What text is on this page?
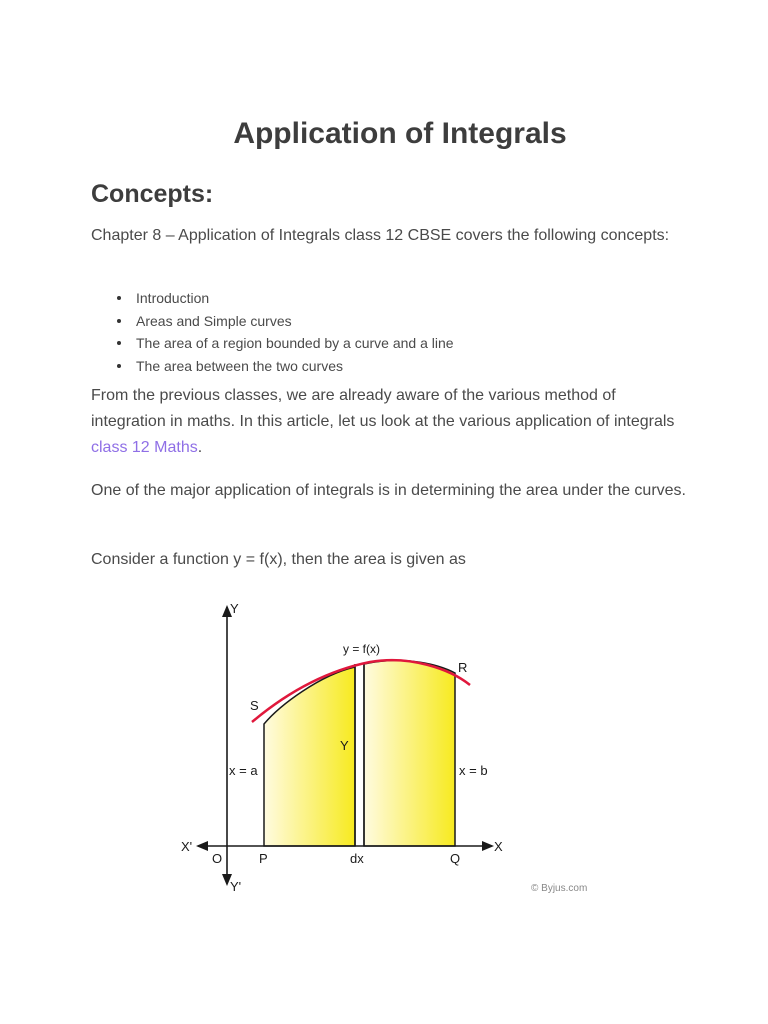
Application of Integrals
Concepts:

Chapter 8 – Application of Integrals class 12 CBSE covers the following concepts:

Introduction
Areas and Simple curves
The area of a region bounded by a curve and a line
The area between the two curves

From the previous classes, we are already aware of the various method of integration in maths. In this article, let us look at the various application of integrals class 12 Maths.

One of the major application of integrals is in determining the area under the curves.

Consider a function y = f(x), then the area is given as

Y
Y'
X
X'
O	P	dx	Q
S
R
y = f(x)
Y
x = a	x = b
© Byjus.com
